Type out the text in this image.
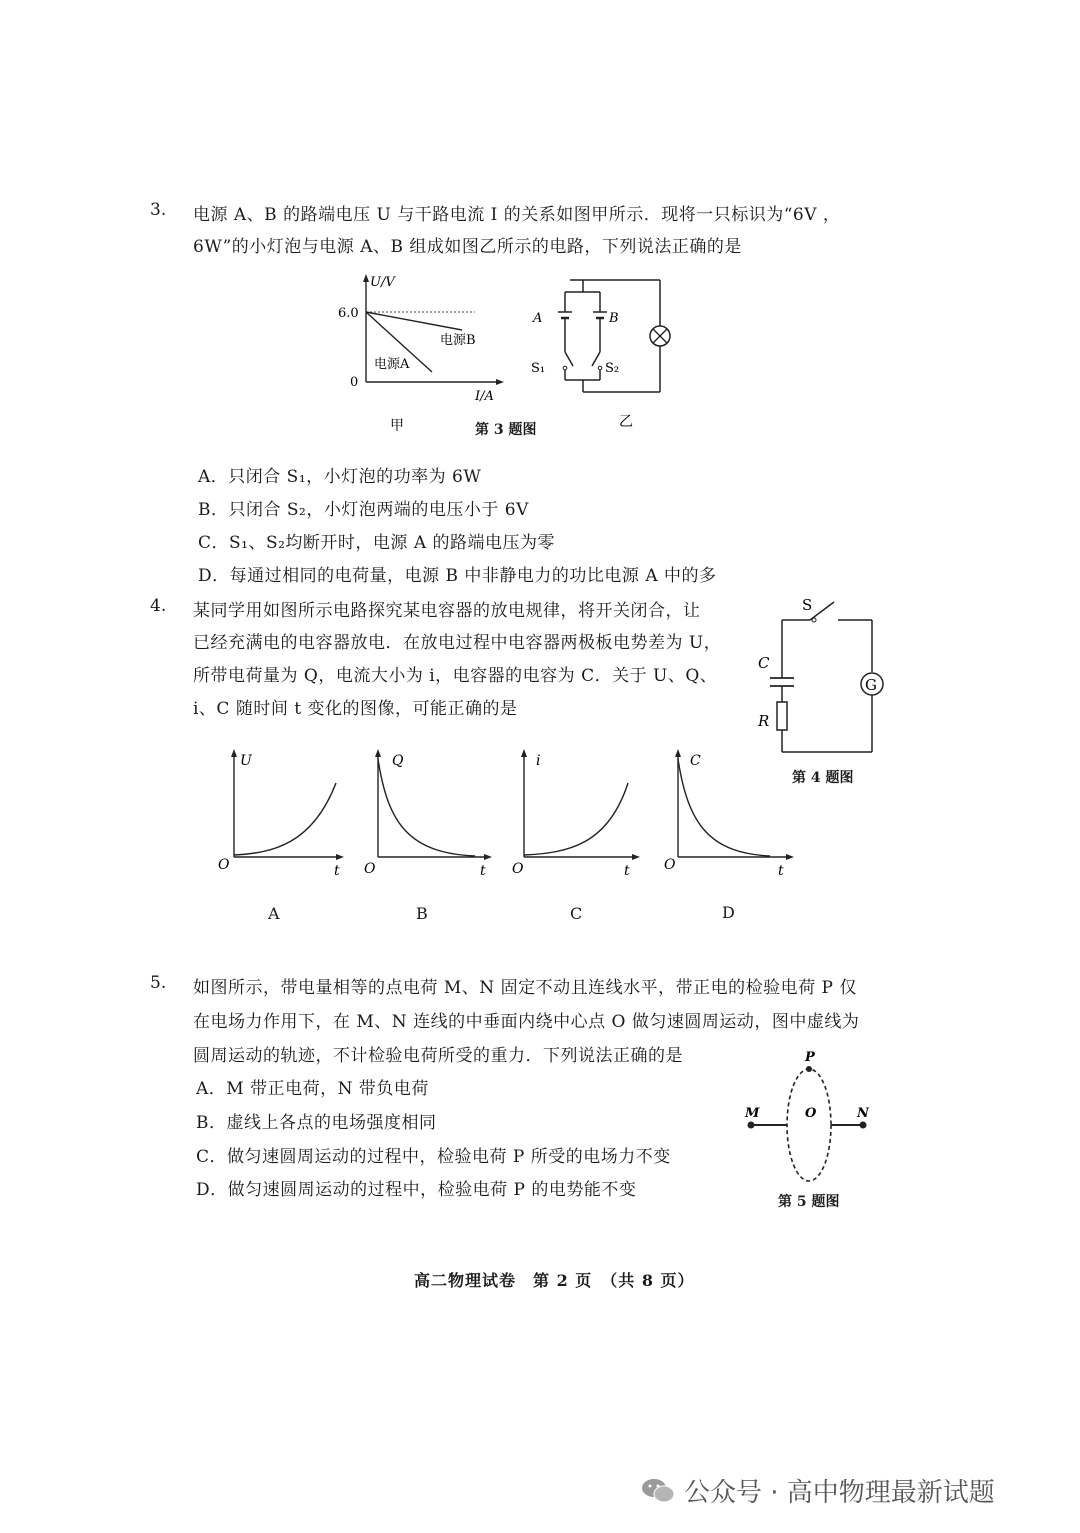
3. 电源 A、B 的路端电压 U 与干路电流 I 的关系如图甲所示．现将一只标识为“6V ，
6W”的小灯泡与电源 A、B 组成如图乙所示的电路，下列说法正确的是
U/V
6.0
0
I/A
电源B
电源A
甲	第 3 题图
A	B
S₁	S₂
乙
A．只闭合 S₁，小灯泡的功率为 6W
B．只闭合 S₂，小灯泡两端的电压小于 6V
C．S₁、S₂均断开时，电源 A 的路端电压为零
D．每通过相同的电荷量，电源 B 中非静电力的功比电源 A 中的多
4. 某同学用如图所示电路探究某电容器的放电规律，将开关闭合，让
已经充满电的电容器放电．在放电过程中电容器两极板电势差为 U，
所带电荷量为 Q，电流大小为 i，电容器的电容为 C．关于 U、Q、
i、C 随时间 t 变化的图像，可能正确的是
G
S
C
R
第 4 题图
U
O	t
A
Q
O	t
B
i
O	t
C
C
O	t
D
5. 如图所示，带电量相等的点电荷 M、N 固定不动且连线水平，带正电的检验电荷 P 仅
在电场力作用下，在 M、N 连线的中垂面内绕中心点 O 做匀速圆周运动，图中虚线为
圆周运动的轨迹，不计检验电荷所受的重力．下列说法正确的是
A．M 带正电荷，N 带负电荷
B．虚线上各点的电场强度相同
C．做匀速圆周运动的过程中，检验电荷 P 所受的电场力不变
D．做匀速圆周运动的过程中，检验电荷 P 的电势能不变
P
M	O	N
第 5 题图
高二物理试卷　第 2 页　（共 8 页）
公众号 · 高中物理最新试题
